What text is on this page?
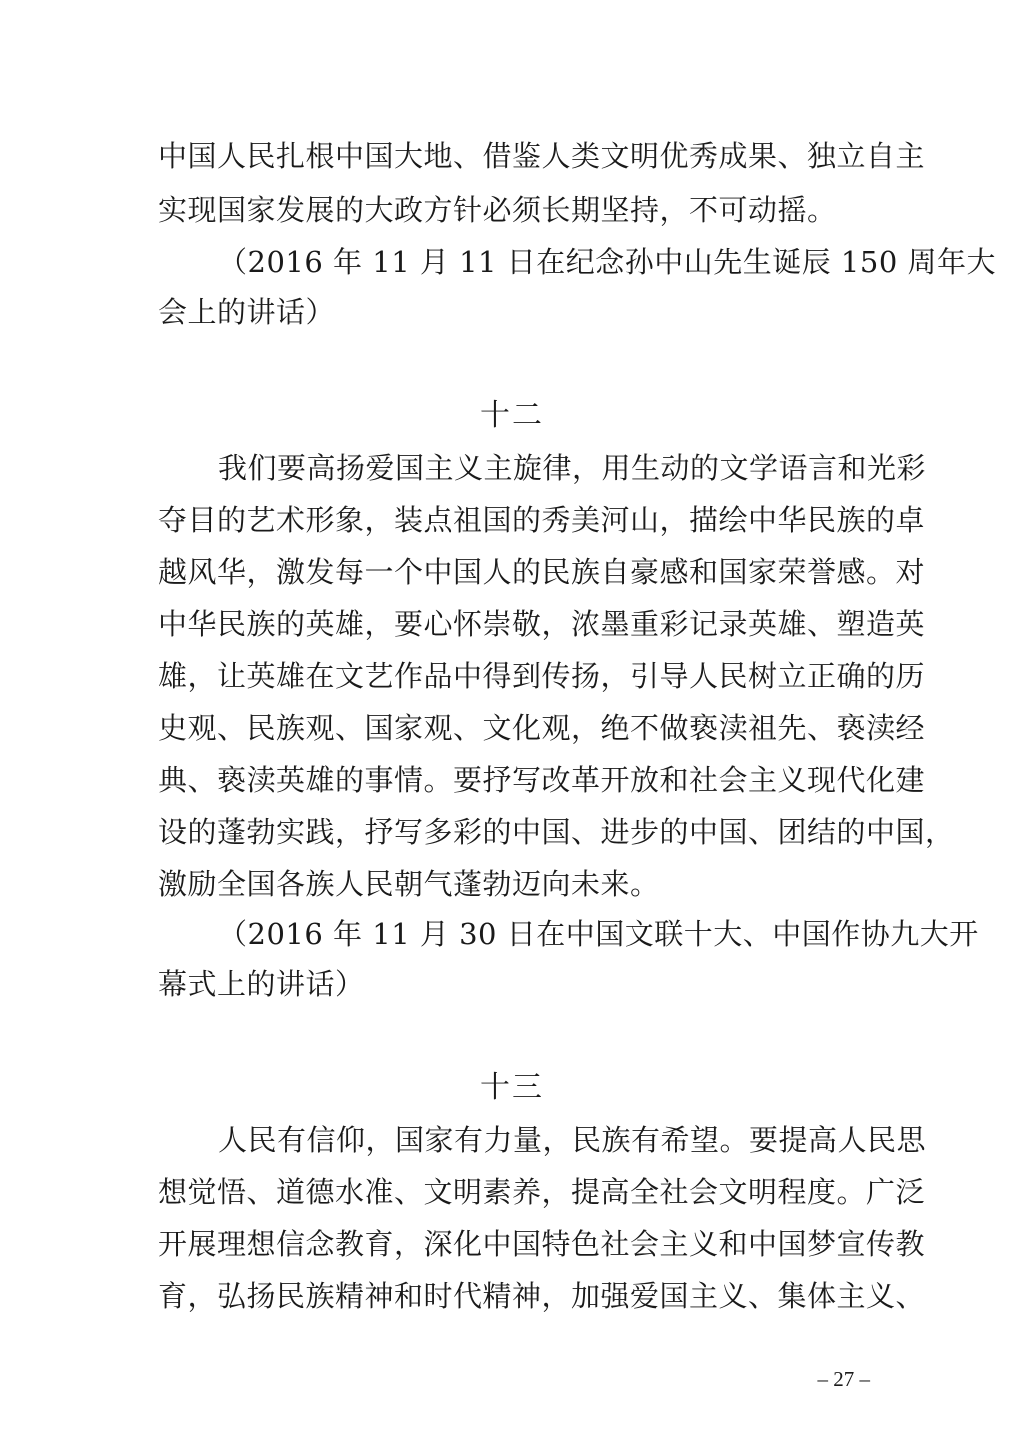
中国人民扎根中国大地、借鉴人类文明优秀成果、独立自主
实现国家发展的大政方针必须长期坚持，不可动摇。
（2016 年 11 月 11 日在纪念孙中山先生诞辰 150 周年大
会上的讲话）
十二
我们要高扬爱国主义主旋律，用生动的文学语言和光彩
夺目的艺术形象，装点祖国的秀美河山，描绘中华民族的卓
越风华，激发每一个中国人的民族自豪感和国家荣誉感。对
中华民族的英雄，要心怀崇敬，浓墨重彩记录英雄、塑造英
雄，让英雄在文艺作品中得到传扬，引导人民树立正确的历
史观、民族观、国家观、文化观，绝不做亵渎祖先、亵渎经
典、亵渎英雄的事情。要抒写改革开放和社会主义现代化建
设的蓬勃实践，抒写多彩的中国、进步的中国、团结的中国，
激励全国各族人民朝气蓬勃迈向未来。
（2016 年 11 月 30 日在中国文联十大、中国作协九大开
幕式上的讲话）
十三
人民有信仰，国家有力量，民族有希望。要提高人民思
想觉悟、道德水准、文明素养，提高全社会文明程度。广泛
开展理想信念教育，深化中国特色社会主义和中国梦宣传教
育，弘扬民族精神和时代精神，加强爱国主义、集体主义、
– 27 –
